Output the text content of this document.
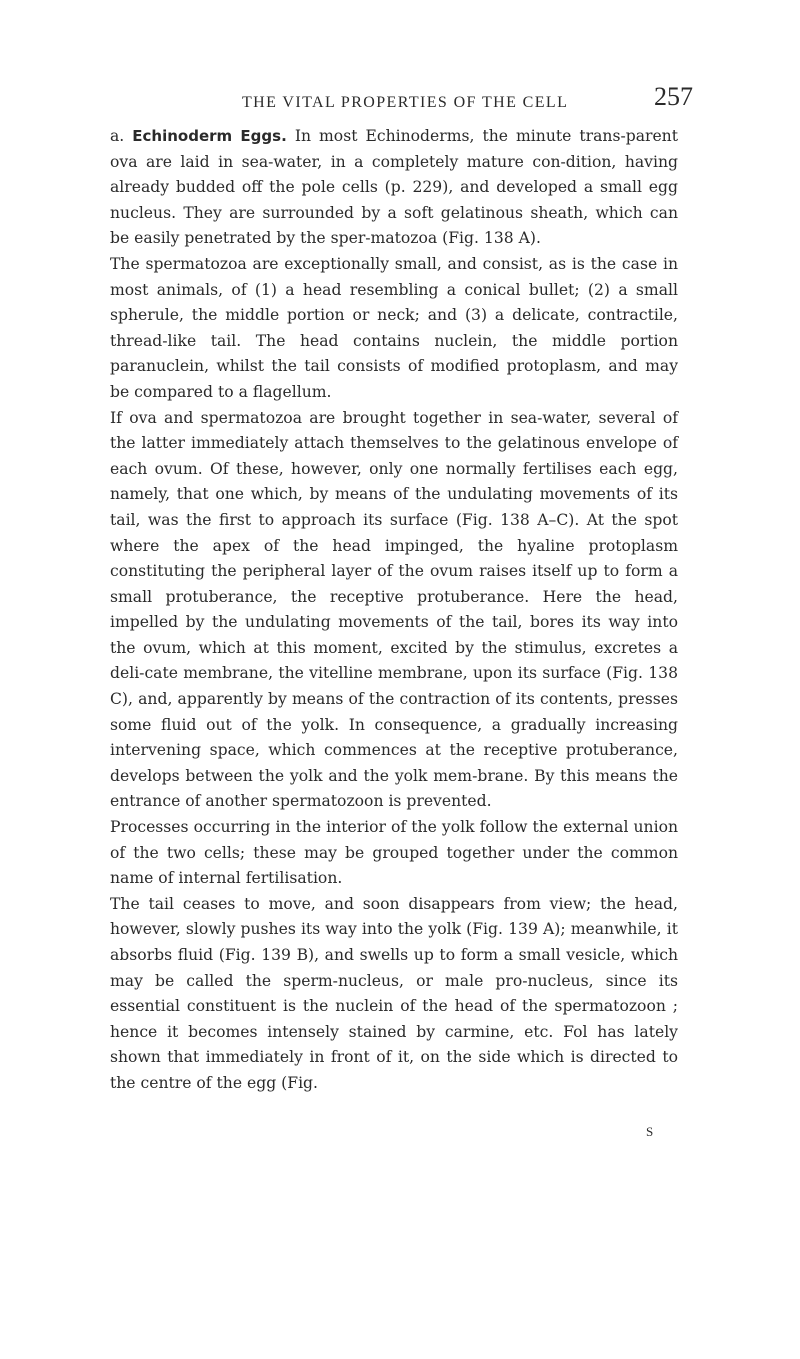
THE VITAL PROPERTIES OF THE CELL	257

a. Echinoderm Eggs. In most Echinoderms, the minute trans-parent ova are laid in sea-water, in a completely mature con-dition, having already budded off the pole cells (p. 229), and developed a small egg nucleus. They are surrounded by a soft gelatinous sheath, which can be easily penetrated by the sper-matozoa (Fig. 138 A).

The spermatozoa are exceptionally small, and consist, as is the case in most animals, of (1) a head resembling a conical bullet; (2) a small spherule, the middle portion or neck; and (3) a delicate, contractile, thread-like tail. The head contains nuclein, the middle portion paranuclein, whilst the tail consists of modified protoplasm, and may be compared to a flagellum.

If ova and spermatozoa are brought together in sea-water, several of the latter immediately attach themselves to the gelatinous envelope of each ovum. Of these, however, only one normally fertilises each egg, namely, that one which, by means of the undulating movements of its tail, was the first to approach its surface (Fig. 138 A–C). At the spot where the apex of the head impinged, the hyaline protoplasm constituting the peripheral layer of the ovum raises itself up to form a small protuberance, the receptive protuberance. Here the head, impelled by the undulating movements of the tail, bores its way into the ovum, which at this moment, excited by the stimulus, excretes a deli-cate membrane, the vitelline membrane, upon its surface (Fig. 138 C), and, apparently by means of the contraction of its contents, presses some fluid out of the yolk. In consequence, a gradually increasing intervening space, which commences at the receptive protuberance, develops between the yolk and the yolk mem-brane. By this means the entrance of another spermatozoon is prevented.

Processes occurring in the interior of the yolk follow the external union of the two cells; these may be grouped together under the common name of internal fertilisation.

The tail ceases to move, and soon disappears from view; the head, however, slowly pushes its way into the yolk (Fig. 139 A); meanwhile, it absorbs fluid (Fig. 139 B), and swells up to form a small vesicle, which may be called the sperm-nucleus, or male pro-nucleus, since its essential constituent is the nuclein of the head of the spermatozoon ; hence it becomes intensely stained by carmine, etc. Fol has lately shown that immediately in front of it, on the side which is directed to the centre of the egg (Fig.

S
